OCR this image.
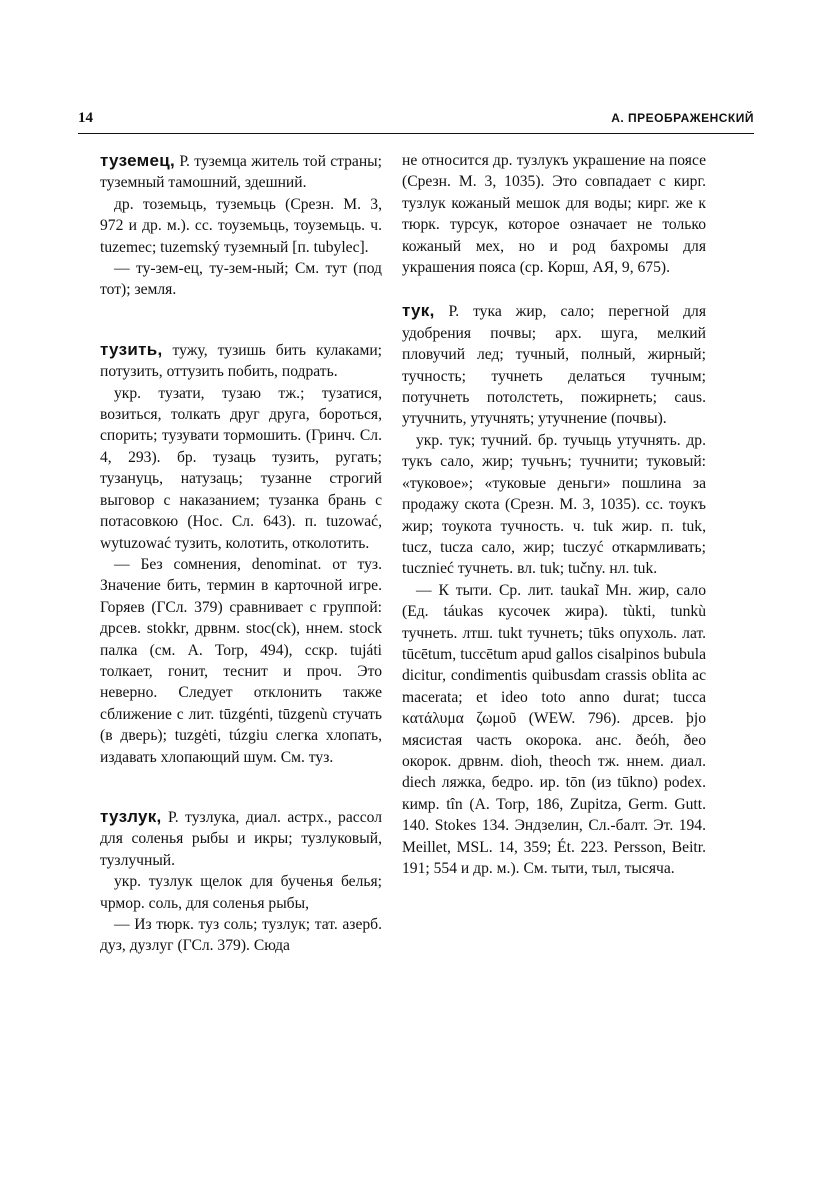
14	А. ПРЕОБРАЖЕНСКИЙ

туземец, Р. туземца житель той страны; туземный тамошний, здешний.

др. тоземьць, туземьць (Срезн. М. 3, 972 и др. м.). сс. тоуземьць, тоуземьць. ч. tuzemec; tuzemský туземный [п. tubylec].

— ту-зем-ец, ту-зем-ный; См. тут (под тот); земля.

тузить, тужу, тузишь бить кулаками; потузить, оттузить побить, подрать.

укр. тузати, тузаю тж.; тузатися, возиться, толкать друг друга, бороться, спорить; тузувати тормошить. (Гринч. Сл. 4, 293). бр. тузаць тузить, ругать; тузануць, натузаць; тузанне строгий выговор с наказанием; тузанка брань с потасовкою (Нос. Сл. 643). п. tuzować, wytuzować тузить, колотить, отколотить.

— Без сомнения, denominat. от туз. Значение бить, термин в карточной игре. Горяев (ГСл. 379) сравнивает с группой: дрсев. stokkr, дрвнм. stoc(ck), ннем. stock палка (см. А. Torp, 494), сскр. tujáti толкает, гонит, теснит и проч. Это неверно. Следует отклонить также сближение с лит. tūzgénti, tūzgenù стучать (в дверь); tuzgėti, túzgiu слегка хлопать, издавать хлопающий шум. См. туз.

тузлук, Р. тузлука, диал. астрх., рассол для соленья рыбы и икры; тузлуковый, тузлучный.

укр. тузлук щелок для бученья белья; чрмор. соль, для соленья рыбы,

— Из тюрк. туз соль; тузлук; тат. азерб. дуз, дузлуг (ГСл. 379). Сюда

не относится др. тузлукъ украшение на поясе (Срезн. М. 3, 1035). Это совпадает с кирг. тузлук кожаный мешок для воды; кирг. же к тюрк. турсук, которое означает не только кожаный мех, но и род бахромы для украшения пояса (ср. Корш, АЯ, 9, 675).

тук, Р. тука жир, сало; перегной для удобрения почвы; арх. шуга, мелкий пловучий лед; тучный, полный, жирный; тучность; тучнеть делаться тучным; потучнеть потолстеть, пожирнеть; caus. утучнить, утучнять; утучнение (почвы).

укр. тук; тучний. бр. тучыць утучнять. др. тукъ сало, жир; тучьнъ; тучнити; туковый: «туковое»; «туковые деньги» пошлина за продажу скота (Срезн. М. 3, 1035). сс. тоукъ жир; тоукота тучность. ч. tuk жир. п. tuk, tucz, tucza сало, жир; tuczyć откармливать; tucznieć тучнеть. вл. tuk; tučny. нл. tuk.

— К тыти. Ср. лит. taukaĩ Мн. жир, сало (Ед. táukas кусочек жира). tùkti, tunkù тучнеть. лтш. tukt тучнеть; tūks опухоль. лат. tūcētum, tuccētum apud gallos cisalpinos bubula dicitur, condimentis quibusdam crassis oblita ac macerata; et ideo toto anno durat; tucca κατάλυμα ζωμοῦ (WEW. 796). дрсев. þjo мясистая часть окорока. анс. ðeóh, ðeo окорок. дрвнм. dioh, theoch тж. ннем. диал. diech ляжка, бедро. ир. tōn (из tūkno) podex. кимр. tîn (A. Torp, 186, Zupitza, Germ. Gutt. 140. Stokes 134. Эндзелин, Сл.-балт. Эт. 194. Meillet, MSL. 14, 359; Ét. 223. Persson, Beitr. 191; 554 и др. м.). См. тыти, тыл, тысяча.
